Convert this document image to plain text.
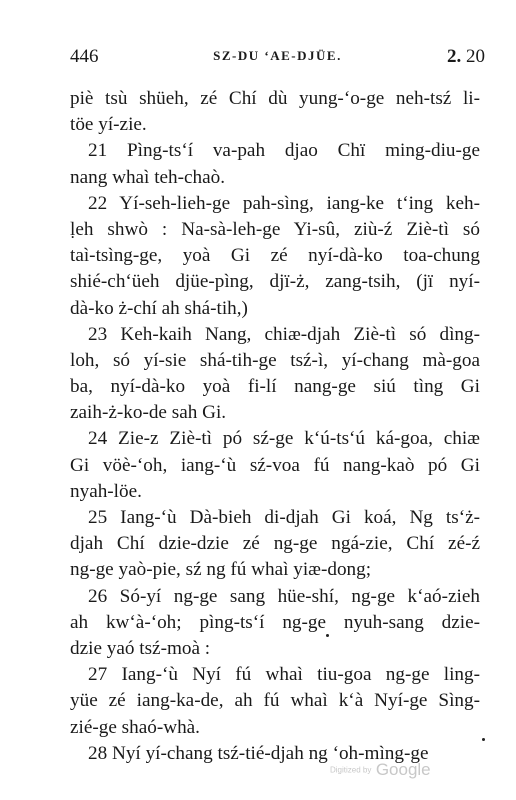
446	SZ-DU ‘AE-DJÜE.	2. 20
piè tsù shüeh, zé Chí dù yung-‘o-ge neh-tsź li-
töe yí-zie.
21 Pìng-ts‘í va-pah djao Chï ming-diu-ge
nang whaì teh-chaò.
22 Yí-seh-lieh-ge pah-sìng, iang-ke t‘ing keh-
ḷeh shwò : Na-sà-leh-ge Yi-sû, ziù-ź Ziè-tì só
taì-tsìng-ge, yoà Gi zé nyí-dà-ko toa-chung
shié-ch‘üeh djüe-pìng, djï-ż, zang-tsih, (jï nyí-
dà-ko ż-chí ah shá-tih,)
23 Keh-kaih Nang, chiæ-djah Ziè-tì só dìng-
loh, só yí-sie shá-tih-ge tsź-ì, yí-chang mà-goa
ba, nyí-dà-ko yoà fi-lí nang-ge siú tìng Gi
zaih-ż-ko-de sah Gi.
24 Zie-z Ziè-tì pó sź-ge k‘ú-ts‘ú ká-goa, chiæ
Gi vöè-‘oh, iang-‘ù sź-voa fú nang-kaò pó Gi
nyah-löe.
25 Iang-‘ù Dà-bieh di-djah Gi koá, Ng ts‘ż-
djah Chí dzie-dzie zé ng-ge ngá-zie, Chí zé-ź
ng-ge yaò-pie, sź ng fú whaì yiæ-dong;
26 Só-yí ng-ge sang hüe-shí, ng-ge k‘aó-zieh
ah kw‘à-‘oh; pìng-ts‘í ng-ge nyuh-sang dzie-
dzie yaó tsź-moà :
27 Iang-‘ù Nyí fú whaì tiu-goa ng-ge ling-
yüe zé iang-ka-de, ah fú whaì k‘à Nyí-ge Sìng-
zié-ge shaó-whà.
28 Nyí yí-chang tsź-tié-djah ng ‘oh-mìng-ge
Digitized by Google
